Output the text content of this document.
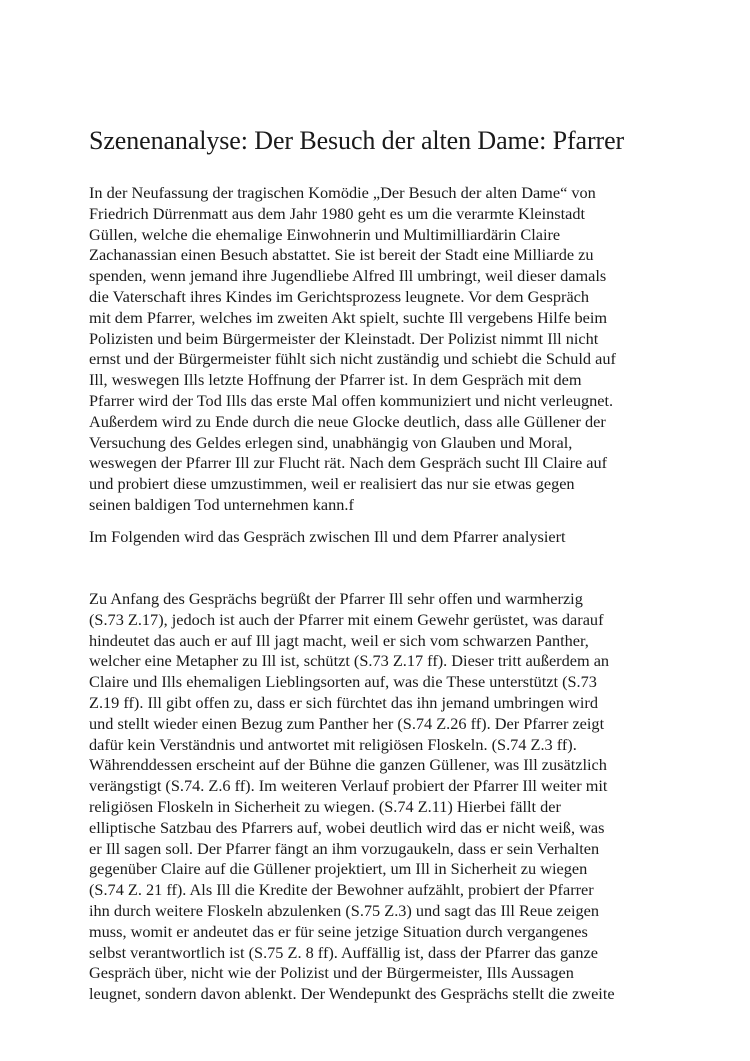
Szenenanalyse: Der Besuch der alten Dame: Pfarrer
In der Neufassung der tragischen Komödie „Der Besuch der alten Dame“ von
Friedrich Dürrenmatt aus dem Jahr 1980 geht es um die verarmte Kleinstadt
Güllen, welche die ehemalige Einwohnerin und Multimilliardärin Claire
Zachanassian einen Besuch abstattet. Sie ist bereit der Stadt eine Milliarde zu
spenden, wenn jemand ihre Jugendliebe Alfred Ill umbringt, weil dieser damals
die Vaterschaft ihres Kindes im Gerichtsprozess leugnete. Vor dem Gespräch
mit dem Pfarrer, welches im zweiten Akt spielt, suchte Ill vergebens Hilfe beim
Polizisten und beim Bürgermeister der Kleinstadt. Der Polizist nimmt Ill nicht
ernst und der Bürgermeister fühlt sich nicht zuständig und schiebt die Schuld auf
Ill, weswegen Ills letzte Hoffnung der Pfarrer ist. In dem Gespräch mit dem
Pfarrer wird der Tod Ills das erste Mal offen kommuniziert und nicht verleugnet.
Außerdem wird zu Ende durch die neue Glocke deutlich, dass alle Güllener der
Versuchung des Geldes erlegen sind, unabhängig von Glauben und Moral,
weswegen der Pfarrer Ill zur Flucht rät. Nach dem Gespräch sucht Ill Claire auf
und probiert diese umzustimmen, weil er realisiert das nur sie etwas gegen
seinen baldigen Tod unternehmen kann.f
Im Folgenden wird das Gespräch zwischen Ill und dem Pfarrer analysiert
Zu Anfang des Gesprächs begrüßt der Pfarrer Ill sehr offen und warmherzig
(S.73 Z.17), jedoch ist auch der Pfarrer mit einem Gewehr gerüstet, was darauf
hindeutet das auch er auf Ill jagt macht, weil er sich vom schwarzen Panther,
welcher eine Metapher zu Ill ist, schützt (S.73 Z.17 ff). Dieser tritt außerdem an
Claire und Ills ehemaligen Lieblingsorten auf, was die These unterstützt (S.73
Z.19 ff). Ill gibt offen zu, dass er sich fürchtet das ihn jemand umbringen wird
und stellt wieder einen Bezug zum Panther her (S.74 Z.26 ff). Der Pfarrer zeigt
dafür kein Verständnis und antwortet mit religiösen Floskeln. (S.74 Z.3 ff).
Währenddessen erscheint auf der Bühne die ganzen Güllener, was Ill zusätzlich
verängstigt (S.74. Z.6 ff). Im weiteren Verlauf probiert der Pfarrer Ill weiter mit
religiösen Floskeln in Sicherheit zu wiegen. (S.74 Z.11) Hierbei fällt der
elliptische Satzbau des Pfarrers auf, wobei deutlich wird das er nicht weiß, was
er Ill sagen soll. Der Pfarrer fängt an ihm vorzugaukeln, dass er sein Verhalten
gegenüber Claire auf die Güllener projektiert, um Ill in Sicherheit zu wiegen
(S.74 Z. 21 ff). Als Ill die Kredite der Bewohner aufzählt, probiert der Pfarrer
ihn durch weitere Floskeln abzulenken (S.75 Z.3) und sagt das Ill Reue zeigen
muss, womit er andeutet das er für seine jetzige Situation durch vergangenes
selbst verantwortlich ist (S.75 Z. 8 ff). Auffällig ist, dass der Pfarrer das ganze
Gespräch über, nicht wie der Polizist und der Bürgermeister, Ills Aussagen
leugnet, sondern davon ablenkt. Der Wendepunkt des Gesprächs stellt die zweite
